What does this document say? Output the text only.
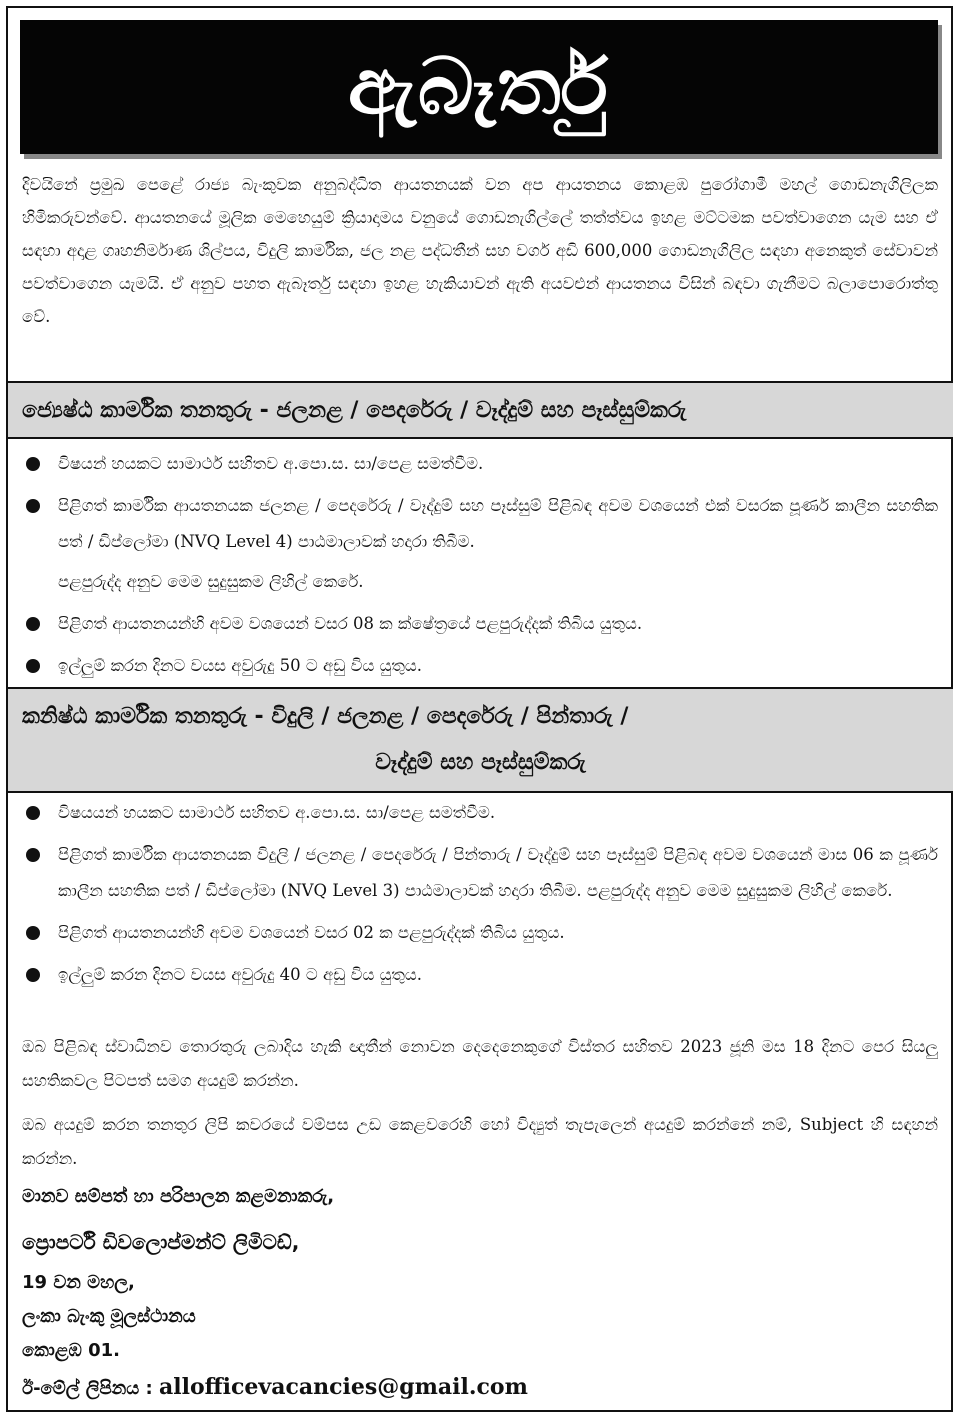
ඇබෑර්තු
දිවයිනේ ප්‍රමුඛ පෙළේ රාජ්‍ය බැංකුවක අනුබද්ධිත ආයතනයක් වන අප ආයතනය කොළඹ පුරෝගාමී මහල් ගොඩනැගිලිලක හිමිකරුවන්වේ. ආයතනයේ මූලික මෙහෙයුම් ක්‍රියාදාමය වනුයේ ගොඩනැගිල්ලේ තත්ත්වය ඉහළ මට්ටමක පවත්වාගෙන යැම සහ ඒ සඳහා අදාළ ගෘහනිර්මාණ ශිල්පය, විදුලි කාර්මික, ජල නළ පද්ධතීන් සහ වර්ග අඩි 600,000 ගොඩනැගිලිල සඳහා අනෙකුත් සේවාවන් පවත්වාගෙන යැමයි. ඒ අනුව පහත ඇබෑර්තු සඳහා ඉහළ හැකියාවන් ඇති අයවළුන් ආයතනය විසින් බඳවා ගැනීමට බලාපොරොත්තු වේ.
ජ්‍යෙෂ්ඨ කාර්මික තනතුරු - ජලනළ / පෙදරේරු / වෑද්දුම් සහ පෑස්සුම්කරු
විෂයන් හයකට සාමාර්ථ සහිතව අ.පො.ස. සා/පෙළ සමත්වීම.
පිළිගත් කාර්මික ආයතනයක ජලනළ / පෙදරේරු / වෑද්දුම් සහ පෑස්සුම් පිළිබඳ අවම වශයෙන් එක් වසරක පූර්ණ කාලීන සහතික පත් / ඩිප්ලෝමා (NVQ Level 4) පාඨමාලාවක් හදාරා තිබීම.
පළපුරුද්ද අනුව මෙම සුදුසුකම ලිහිල් කෙරේ.
පිළිගත් ආයතනයන්හි අවම වශයෙන් වසර 08 ක ක්ෂේත්‍රයේ පළපුරුද්දක් තිබිය යුතුය.
ඉල්ලුම් කරන දිනට වයස අවුරුදු 50 ට අඩු විය යුතුය.
කනිෂ්ඨ කාර්මික තනතුරු - විදුලි / ජලනළ / පෙදරේරු / පින්තාරු /
වෑද්දුම් සහ පෑස්සුම්කරු
විෂයයන් හයකට සාමාර්ථ සහිතව අ.පො.ස. සා/පෙළ සමත්වීම.
පිළිගත් කාර්මික ආයතනයක විදුලි / ජලනළ / පෙදරේරු / පින්තාරු / වෑද්දුම් සහ පෑස්සුම් පිළිබඳ අවම වශයෙන් මාස 06 ක පූර්ණ කාලීන සහතික පත් / ඩිප්ලෝමා (NVQ Level 3) පාඨමාලාවක් හදාරා තිබීම. පළපුරුද්ද අනුව මෙම සුදුසුකම ලිහිල් කෙරේ.
පිළිගත් ආයතනයන්හි අවම වශයෙන් වසර 02 ක පළපුරුද්දක් තිබිය යුතුය.
ඉල්ලුම් කරන දිනට වයස අවුරුදු 40 ට අඩු විය යුතුය.
ඔබ පිළිබඳ ස්වාධිනව තොරතුරු ලබාදිය හැකි ඥාතීන් නොවන දෙදෙනෙකුගේ විස්තර සහිතව 2023 ජූනි මස 18 දිනට පෙර සියලු සහතිකවල පිටපත් සමග අයදුම් කරන්න.
ඔබ අයදුම් කරන තනතුර ලිපි කවරයේ වම්පස උඩ කෙළවරෙහි හෝ විද්‍යුත් තැපැලෙන් අයදුම් කරන්නේ නම්, Subject හි සඳහන් කරන්න.
මානව සම්පත් හා පරිපාලන කළමනාකරු,
ප්‍රොපර්ටි ඩිවලොප්මන්ට් ලිමිටඩ්,
19 වන මහල,
ලංකා බැංකු මූලස්ථානය
කොළඹ 01.
ඊ-මේල් ලිපිනය : allofficevacancies@gmail.com
